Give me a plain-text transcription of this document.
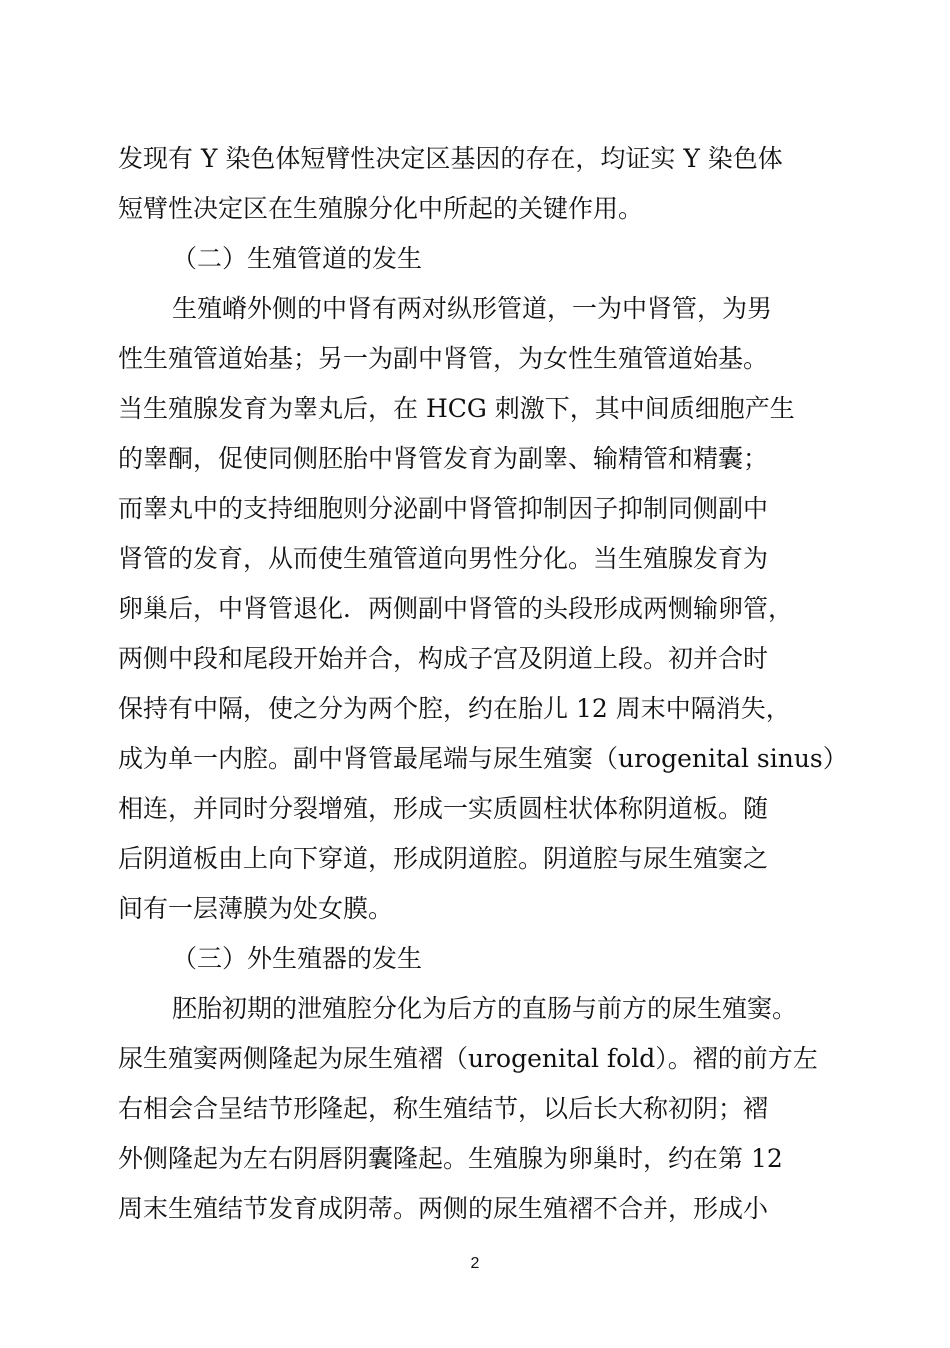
发现有 Y 染色体短臂性决定区基因的存在，均证实 Y 染色体
短臂性决定区在生殖腺分化中所起的关键作用。
（二）生殖管道的发生
生殖嵴外侧的中肾有两对纵形管道，一为中肾管，为男
性生殖管道始基；另一为副中肾管，为女性生殖管道始基。
当生殖腺发育为睾丸后，在 HCG 刺激下，其中间质细胞产生
的睾酮，促使同侧胚胎中肾管发育为副睾、输精管和精囊；
而睾丸中的支持细胞则分泌副中肾管抑制因子抑制同侧副中
肾管的发育，从而使生殖管道向男性分化。当生殖腺发育为
卵巢后，中肾管退化．两侧副中肾管的头段形成两恻输卵管，
两侧中段和尾段开始并合，构成子宫及阴道上段。初并合时
保持有中隔，使之分为两个腔，约在胎儿 12 周末中隔消失，
成为单一内腔。副中肾管最尾端与尿生殖窦（urogenital sinus）
相连，并同时分裂增殖，形成一实质圆柱状体称阴道板。随
后阴道板由上向下穿道，形成阴道腔。阴道腔与尿生殖窦之
间有一层薄膜为处女膜。
（三）外生殖器的发生
胚胎初期的泄殖腔分化为后方的直肠与前方的尿生殖窦。
尿生殖窦两侧隆起为尿生殖褶（urogenital fold）。褶的前方左
右相会合呈结节形隆起，称生殖结节，以后长大称初阴；褶
外侧隆起为左右阴唇阴囊隆起。生殖腺为卵巢时，约在第 12
周末生殖结节发育成阴蒂。两侧的尿生殖褶不合并，形成小
2
